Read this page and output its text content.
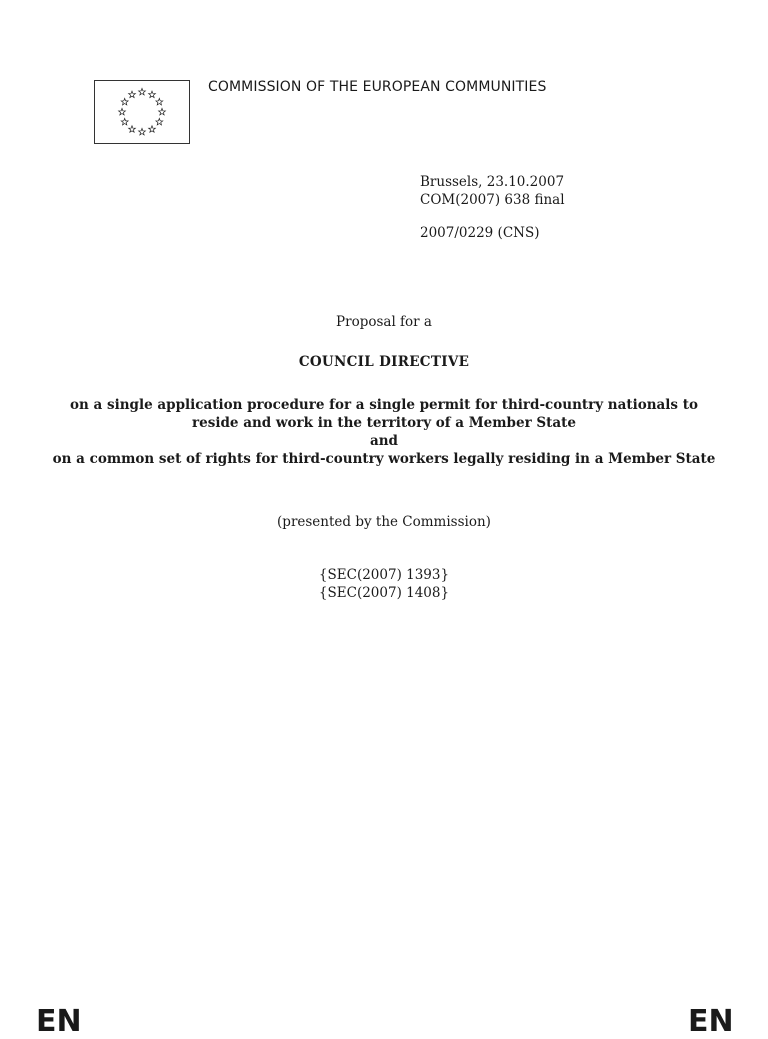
COMMISSION OF THE EUROPEAN COMMUNITIES
Brussels, 23.10.2007
COM(2007) 638 final
2007/0229 (CNS)
Proposal for a
COUNCIL DIRECTIVE
on a single application procedure for a single permit for third-country nationals to
reside and work in the territory of a Member State
and
on a common set of rights for third-country workers legally residing in a Member State
(presented by the Commission)
{SEC(2007) 1393}
{SEC(2007) 1408}
EN	EN
